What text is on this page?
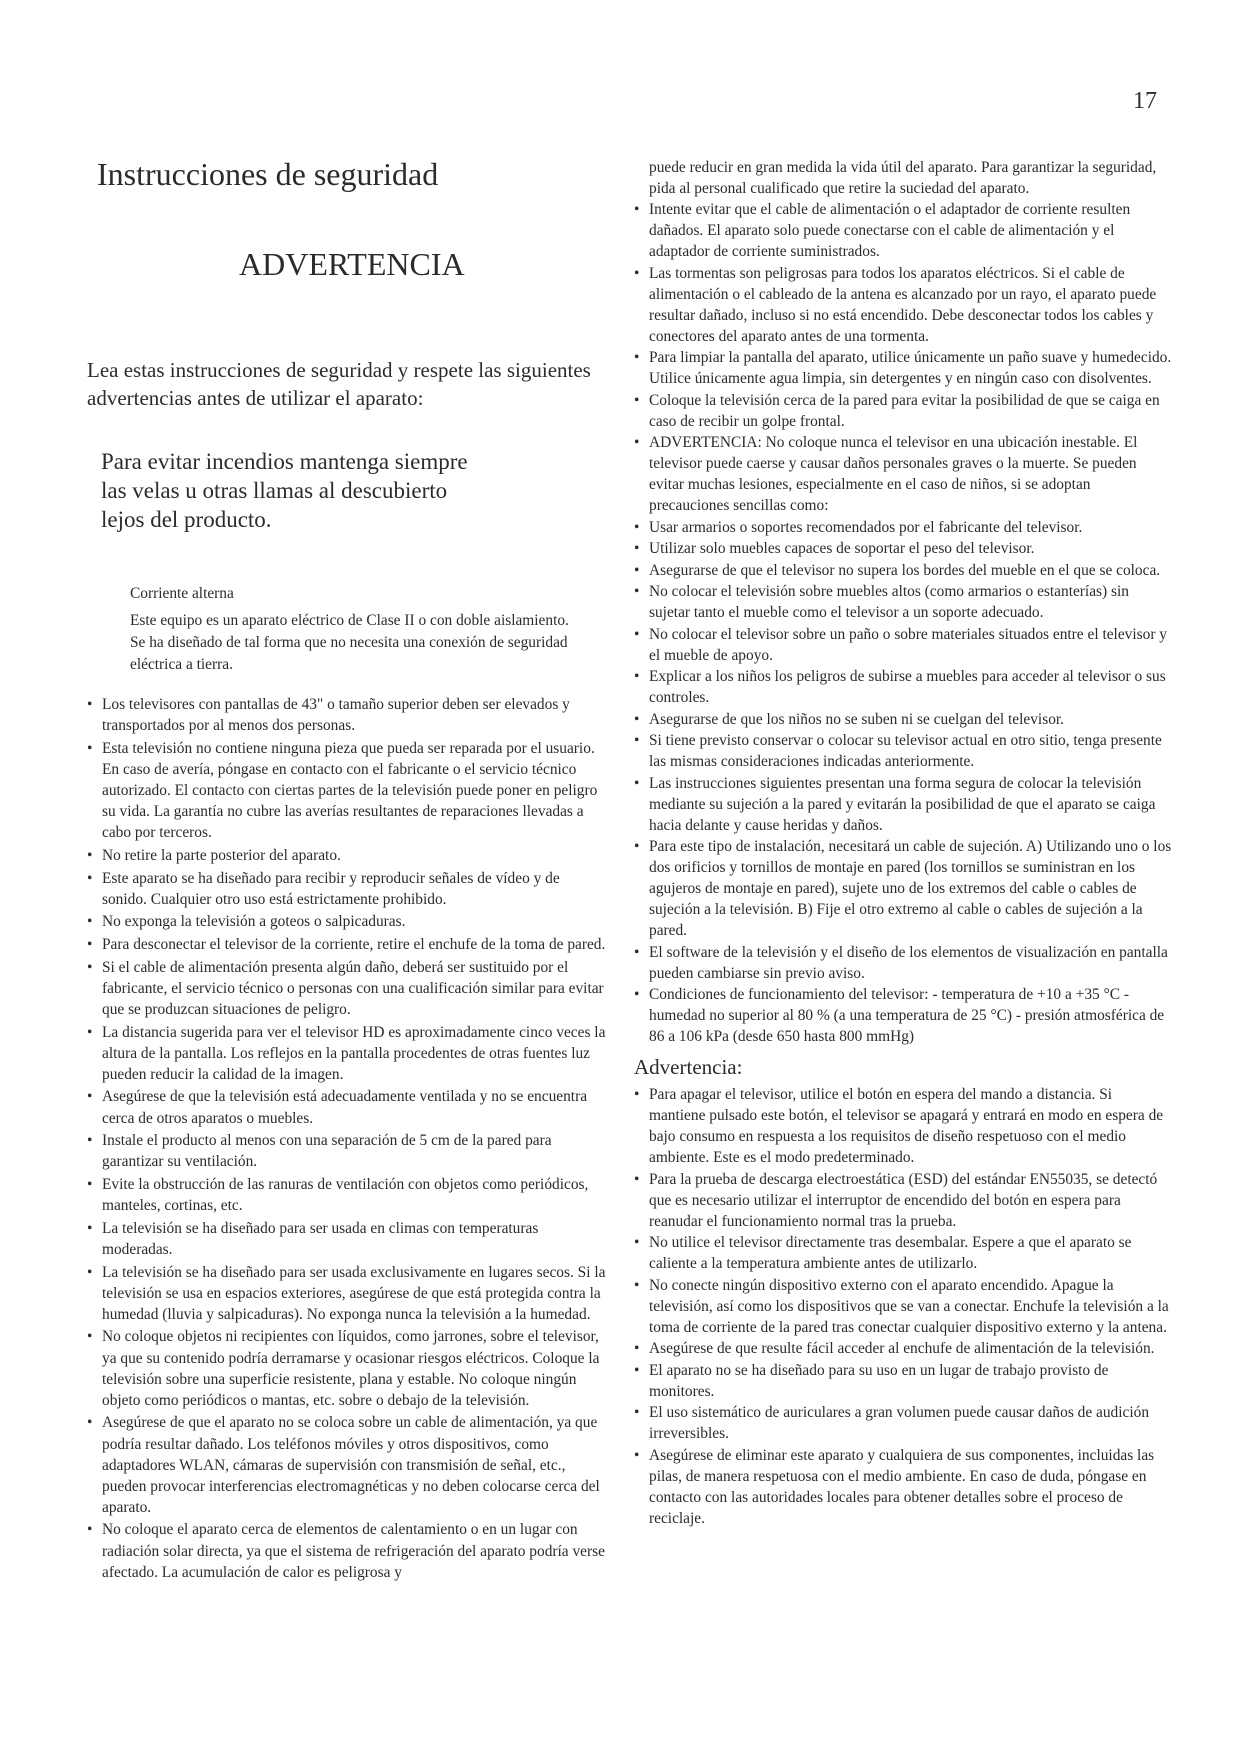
17
Instrucciones de seguridad
ADVERTENCIA

Lea estas instrucciones de seguridad y respete las siguientes advertencias antes de utilizar el aparato:

Para evitar incendios mantenga siempre las velas u otras llamas al descubierto lejos del producto.

Corriente alterna

Este equipo es un aparato eléctrico de Clase II o con doble aislamiento. Se ha diseñado de tal forma que no necesita una conexión de seguridad eléctrica a tierra.

• Los televisores con pantallas de 43" o tamaño superior deben ser elevados y transportados por al menos dos personas.
• Esta televisión no contiene ninguna pieza que pueda ser reparada por el usuario. En caso de avería, póngase en contacto con el fabricante o el servicio técnico autorizado. El contacto con ciertas partes de la televisión puede poner en peligro su vida. La garantía no cubre las averías resultantes de reparaciones llevadas a cabo por terceros.
• No retire la parte posterior del aparato.
• Este aparato se ha diseñado para recibir y reproducir señales de vídeo y de sonido. Cualquier otro uso está estrictamente prohibido.
• No exponga la televisión a goteos o salpicaduras.
• Para desconectar el televisor de la corriente, retire el enchufe de la toma de pared.
• Si el cable de alimentación presenta algún daño, deberá ser sustituido por el fabricante, el servicio técnico o personas con una cualificación similar para evitar que se produzcan situaciones de peligro.
• La distancia sugerida para ver el televisor HD es aproximadamente cinco veces la altura de la pantalla. Los reflejos en la pantalla procedentes de otras fuentes luz pueden reducir la calidad de la imagen.
• Asegúrese de que la televisión está adecuadamente ventilada y no se encuentra cerca de otros aparatos o muebles.
• Instale el producto al menos con una separación de 5 cm de la pared para garantizar su ventilación.
• Evite la obstrucción de las ranuras de ventilación con objetos como periódicos, manteles, cortinas, etc.
• La televisión se ha diseñado para ser usada en climas con temperaturas moderadas.
• La televisión se ha diseñado para ser usada exclusivamente en lugares secos. Si la televisión se usa en espacios exteriores, asegúrese de que está protegida contra la humedad (lluvia y salpicaduras). No exponga nunca la televisión a la humedad.
• No coloque objetos ni recipientes con líquidos, como jarrones, sobre el televisor, ya que su contenido podría derramarse y ocasionar riesgos eléctricos. Coloque la televisión sobre una superficie resistente, plana y estable. No coloque ningún objeto como periódicos o mantas, etc. sobre o debajo de la televisión.
• Asegúrese de que el aparato no se coloca sobre un cable de alimentación, ya que podría resultar dañado. Los teléfonos móviles y otros dispositivos, como adaptadores WLAN, cámaras de supervisión con transmisión de señal, etc., pueden provocar interferencias electromagnéticas y no deben colocarse cerca del aparato.
• No coloque el aparato cerca de elementos de calentamiento o en un lugar con radiación solar directa, ya que el sistema de refrigeración del aparato podría verse afectado. La acumulación de calor es peligrosa y

puede reducir en gran medida la vida útil del aparato. Para garantizar la seguridad, pida al personal cualificado que retire la suciedad del aparato.

• Intente evitar que el cable de alimentación o el adaptador de corriente resulten dañados. El aparato solo puede conectarse con el cable de alimentación y el adaptador de corriente suministrados.
• Las tormentas son peligrosas para todos los aparatos eléctricos. Si el cable de alimentación o el cableado de la antena es alcanzado por un rayo, el aparato puede resultar dañado, incluso si no está encendido. Debe desconectar todos los cables y conectores del aparato antes de una tormenta.
• Para limpiar la pantalla del aparato, utilice únicamente un paño suave y humedecido. Utilice únicamente agua limpia, sin detergentes y en ningún caso con disolventes.
• Coloque la televisión cerca de la pared para evitar la posibilidad de que se caiga en caso de recibir un golpe frontal.
• ADVERTENCIA: No coloque nunca el televisor en una ubicación inestable. El televisor puede caerse y causar daños personales graves o la muerte. Se pueden evitar muchas lesiones, especialmente en el caso de niños, si se adoptan precauciones sencillas como:
• Usar armarios o soportes recomendados por el fabricante del televisor.
• Utilizar solo muebles capaces de soportar el peso del televisor.
• Asegurarse de que el televisor no supera los bordes del mueble en el que se coloca.
• No colocar el televisión sobre muebles altos (como armarios o estanterías) sin sujetar tanto el mueble como el televisor a un soporte adecuado.
• No colocar el televisor sobre un paño o sobre materiales situados entre el televisor y el mueble de apoyo.
• Explicar a los niños los peligros de subirse a muebles para acceder al televisor o sus controles.
• Asegurarse de que los niños no se suben ni se cuelgan del televisor.
• Si tiene previsto conservar o colocar su televisor actual en otro sitio, tenga presente las mismas consideraciones indicadas anteriormente.
• Las instrucciones siguientes presentan una forma segura de colocar la televisión mediante su sujeción a la pared y evitarán la posibilidad de que el aparato se caiga hacia delante y cause heridas y daños.
• Para este tipo de instalación, necesitará un cable de sujeción. A) Utilizando uno o los dos orificios y tornillos de montaje en pared (los tornillos se suministran en los agujeros de montaje en pared), sujete uno de los extremos del cable o cables de sujeción a la televisión. B) Fije el otro extremo al cable o cables de sujeción a la pared.
• El software de la televisión y el diseño de los elementos de visualización en pantalla pueden cambiarse sin previo aviso.
• Condiciones de funcionamiento del televisor: - temperatura de +10 a +35 °C - humedad no superior al 80 % (a una temperatura de 25 °C) - presión atmosférica de 86 a 106 kPa (desde 650 hasta 800 mmHg)
Advertencia:
• Para apagar el televisor, utilice el botón en espera del mando a distancia. Si mantiene pulsado este botón, el televisor se apagará y entrará en modo en espera de bajo consumo en respuesta a los requisitos de diseño respetuoso con el medio ambiente. Este es el modo predeterminado.
• Para la prueba de descarga electroestática (ESD) del estándar EN55035, se detectó que es necesario utilizar el interruptor de encendido del botón en espera para reanudar el funcionamiento normal tras la prueba.
• No utilice el televisor directamente tras desembalar. Espere a que el aparato se caliente a la temperatura ambiente antes de utilizarlo.
• No conecte ningún dispositivo externo con el aparato encendido. Apague la televisión, así como los dispositivos que se van a conectar. Enchufe la televisión a la toma de corriente de la pared tras conectar cualquier dispositivo externo y la antena.
• Asegúrese de que resulte fácil acceder al enchufe de alimentación de la televisión.
• El aparato no se ha diseñado para su uso en un lugar de trabajo provisto de monitores.
• El uso sistemático de auriculares a gran volumen puede causar daños de audición irreversibles.
• Asegúrese de eliminar este aparato y cualquiera de sus componentes, incluidas las pilas, de manera respetuosa con el medio ambiente. En caso de duda, póngase en contacto con las autoridades locales para obtener detalles sobre el proceso de reciclaje.
